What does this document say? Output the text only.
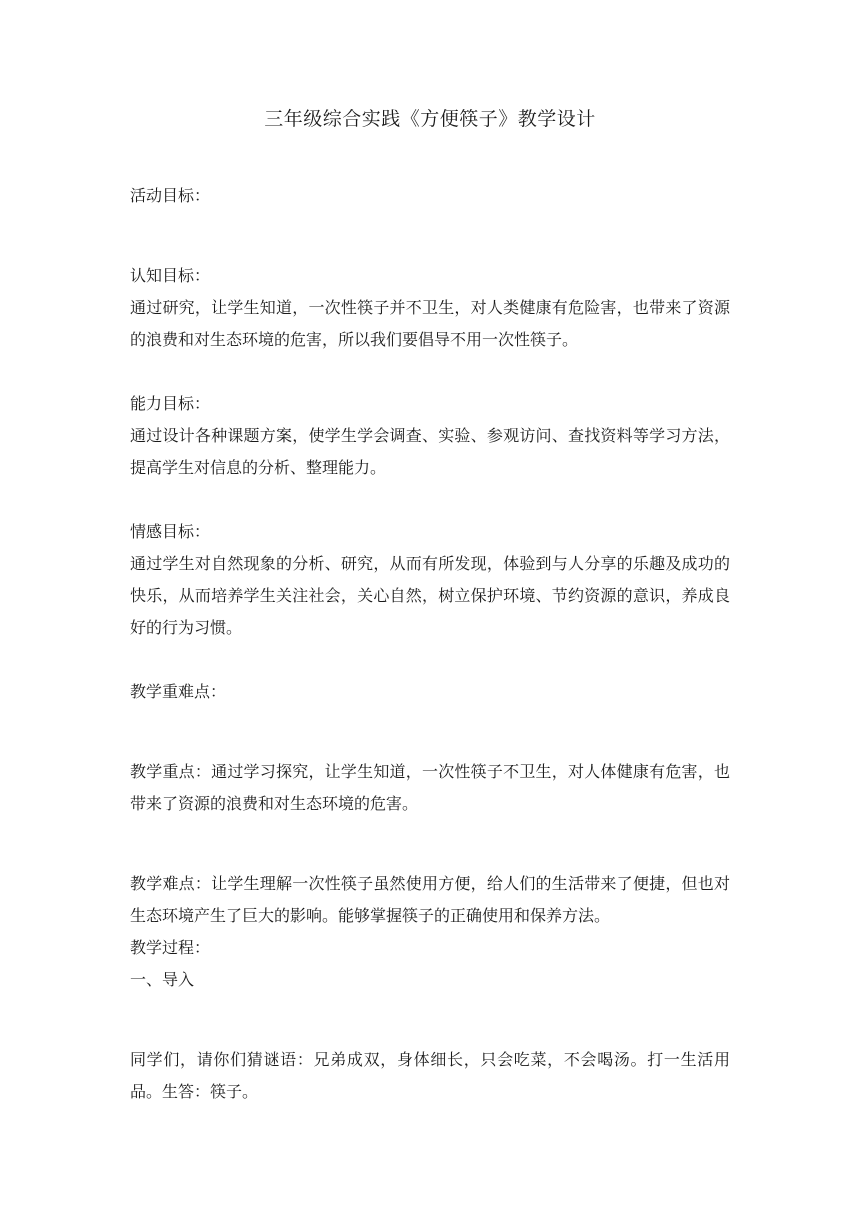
三年级综合实践《方便筷子》教学设计

活动目标：

认知目标：

通过研究，让学生知道，一次性筷子并不卫生，对人类健康有危险害，也带来了资源的浪费和对生态环境的危害，所以我们要倡导不用一次性筷子。

能力目标：

通过设计各种课题方案，使学生学会调查、实验、参观访问、查找资料等学习方法，提高学生对信息的分析、整理能力。

情感目标：

通过学生对自然现象的分析、研究，从而有所发现，体验到与人分享的乐趣及成功的快乐，从而培养学生关注社会，关心自然，树立保护环境、节约资源的意识，养成良好的行为习惯。

教学重难点：

教学重点：通过学习探究，让学生知道，一次性筷子不卫生，对人体健康有危害，也带来了资源的浪费和对生态环境的危害。

教学难点：让学生理解一次性筷子虽然使用方便，给人们的生活带来了便捷，但也对生态环境产生了巨大的影响。能够掌握筷子的正确使用和保养方法。

教学过程：

一、导入

同学们，请你们猜谜语：兄弟成双，身体细长，只会吃菜，不会喝汤。打一生活用品。生答：筷子。
